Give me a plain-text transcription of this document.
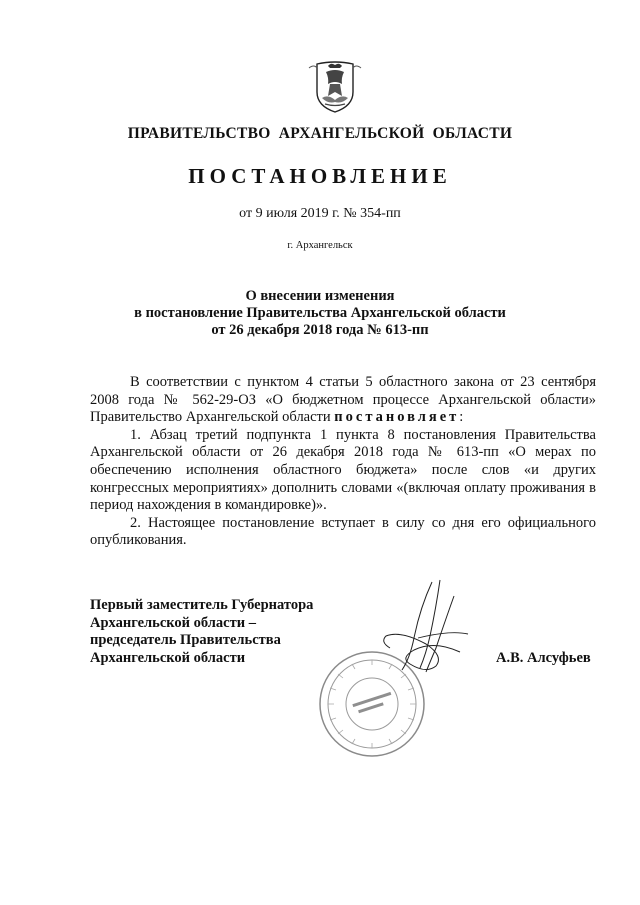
ПРАВИТЕЛЬСТВО АРХАНГЕЛЬСКОЙ ОБЛАСТИ
ПОСТАНОВЛЕНИЕ
от 9 июля 2019 г. № 354-пп
г. Архангельск
О внесении изменения
в постановление Правительства Архангельской области
от 26 декабря 2018 года № 613-пп

В соответствии с пунктом 4 статьи 5 областного закона от 23 сентября 2008 года № 562-29-ОЗ «О бюджетном процессе Архангельской области» Правительство Архангельской области постановляет:

1. Абзац третий подпункта 1 пункта 8 постановления Правительства Архангельской области от 26 декабря 2018 года № 613-пп «О мерах по обеспечению исполнения областного бюджета» после слов «и других конгрессных мероприятиях» дополнить словами «(включая оплату проживания в период нахождения в командировке)».

2. Настоящее постановление вступает в силу со дня его официального опубликования.

Первый заместитель Губернатора
Архангельской области –
председатель Правительства
Архангельской области	А.В. Алсуфьев
